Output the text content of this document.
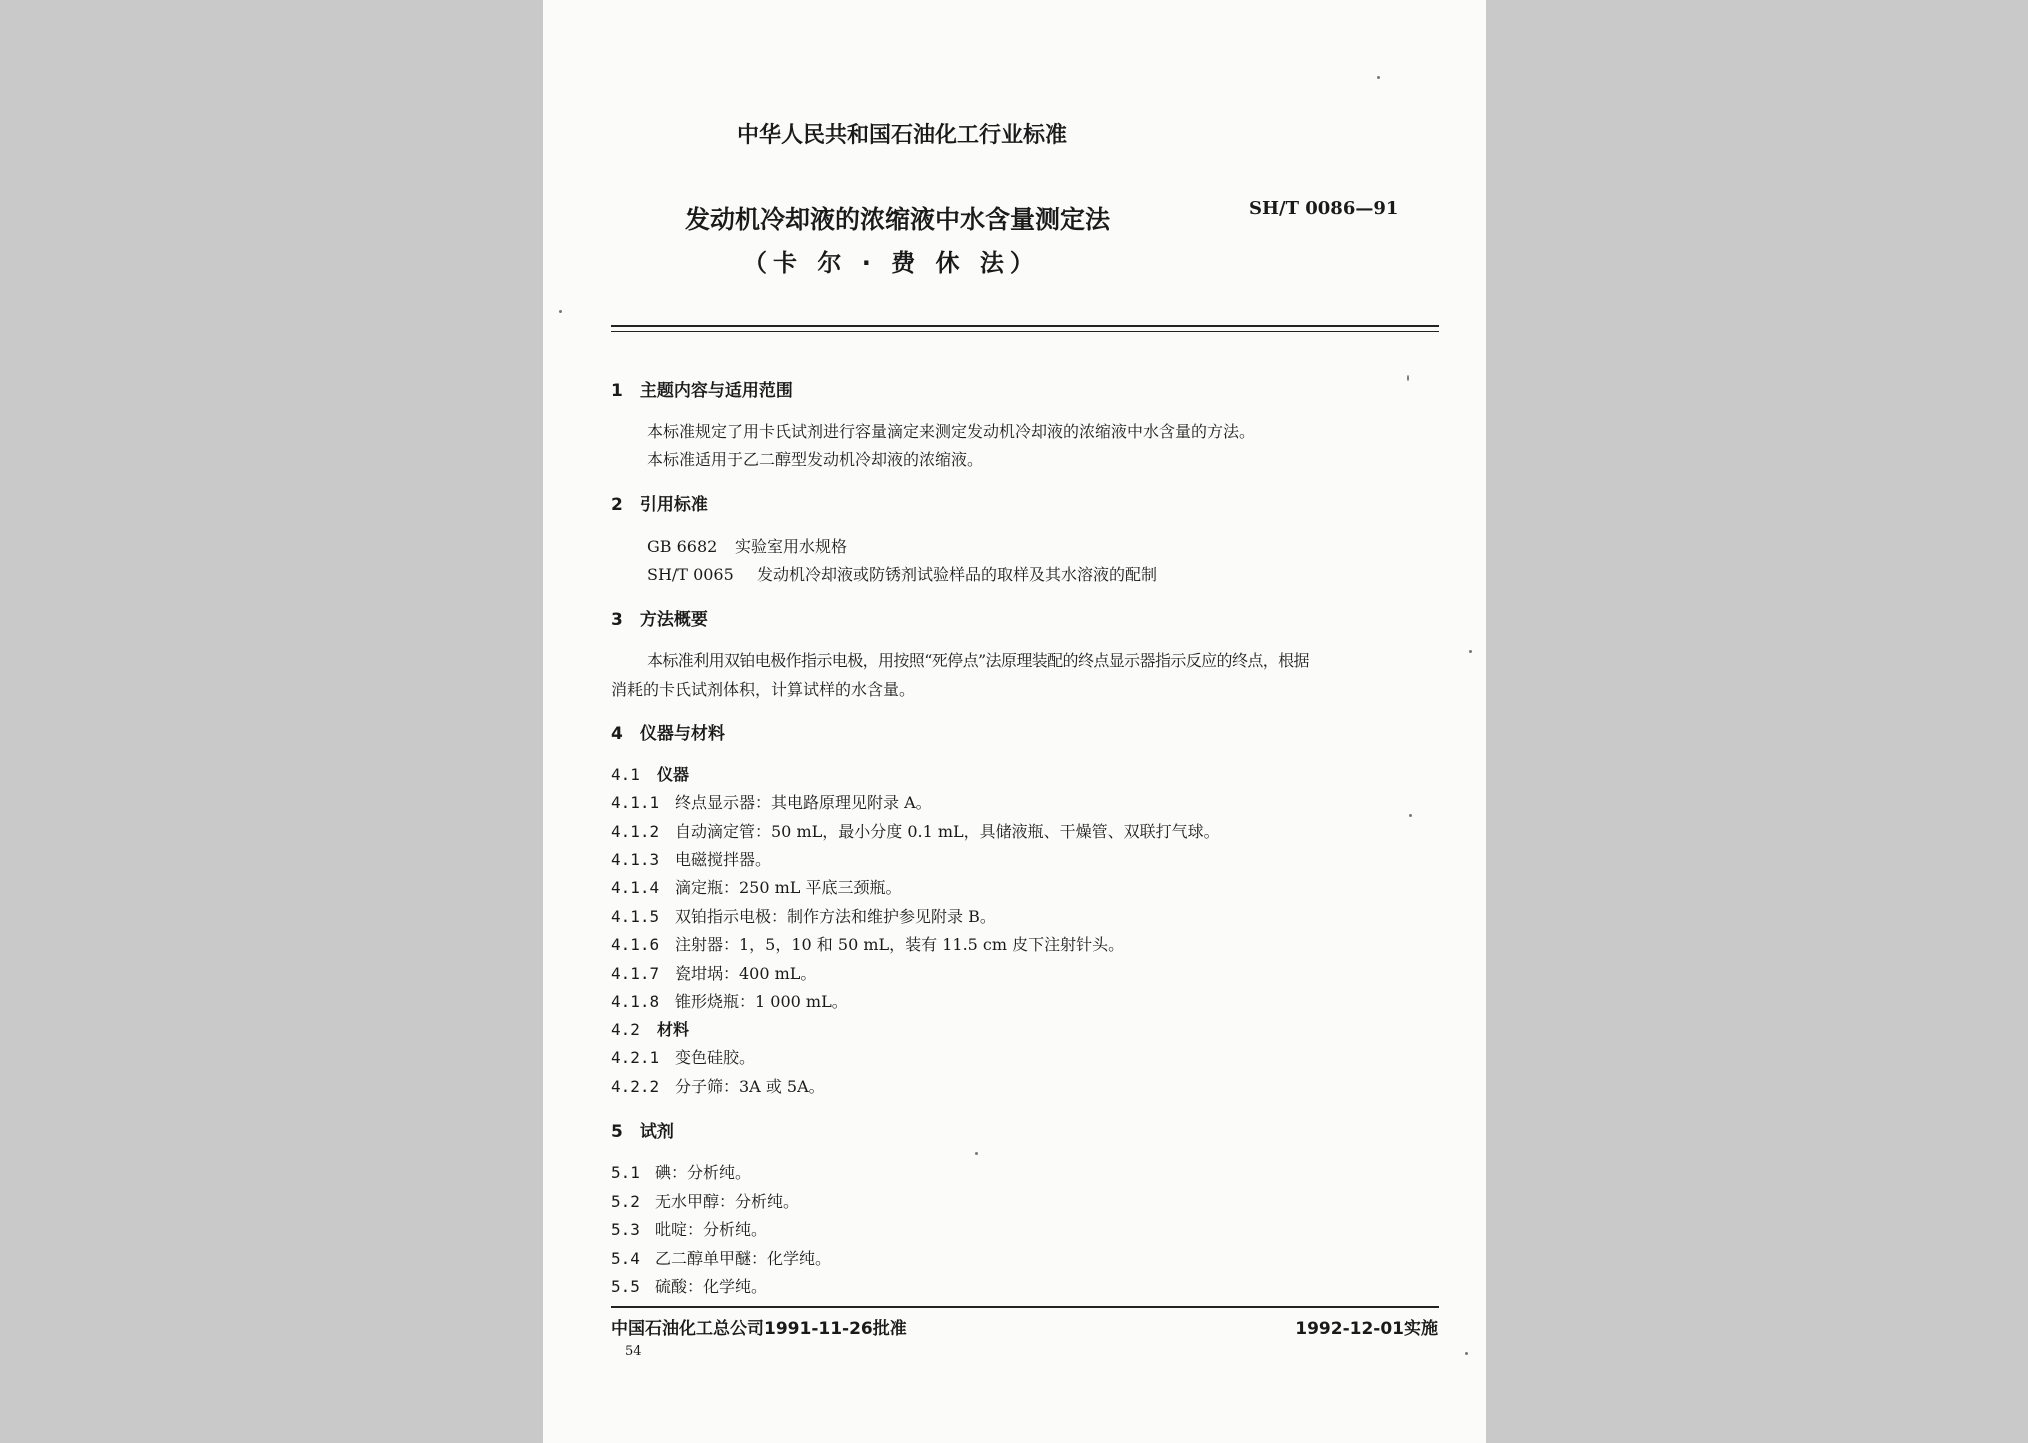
中华人民共和国石油化工行业标准
发动机冷却液的浓缩液中水含量测定法	SH/T 0086—91
（卡 尔 · 费 休 法）
1　主题内容与适用范围
本标准规定了用卡氏试剂进行容量滴定来测定发动机冷却液的浓缩液中水含量的方法。
本标准适用于乙二醇型发动机冷却液的浓缩液。
2　引用标准
GB 6682 实验室用水规格
SH/T 0065 发动机冷却液或防锈剂试验样品的取样及其水溶液的配制
3　方法概要
本标准利用双铂电极作指示电极，用按照“死停点”法原理装配的终点显示器指示反应的终点，根据
消耗的卡氏试剂体积，计算试样的水含量。
4　仪器与材料
4.1 仪器
4.1.1 终点显示器：其电路原理见附录 A。
4.1.2 自动滴定管：50 mL，最小分度 0.1 mL，具储液瓶、干燥管、双联打气球。
4.1.3 电磁搅拌器。
4.1.4 滴定瓶：250 mL 平底三颈瓶。
4.1.5 双铂指示电极：制作方法和维护参见附录 B。
4.1.6 注射器：1，5，10 和 50 mL，装有 11.5 cm 皮下注射针头。
4.1.7 瓷坩埚：400 mL。
4.1.8 锥形烧瓶：1 000 mL。
4.2 材料
4.2.1 变色硅胶。
4.2.2 分子筛：3A 或 5A。
5　试剂
5.1 碘：分析纯。
5.2 无水甲醇：分析纯。
5.3 吡啶：分析纯。
5.4 乙二醇单甲醚：化学纯。
5.5 硫酸：化学纯。
中国石油化工总公司1991-11-26批准	1992-12-01实施
54
